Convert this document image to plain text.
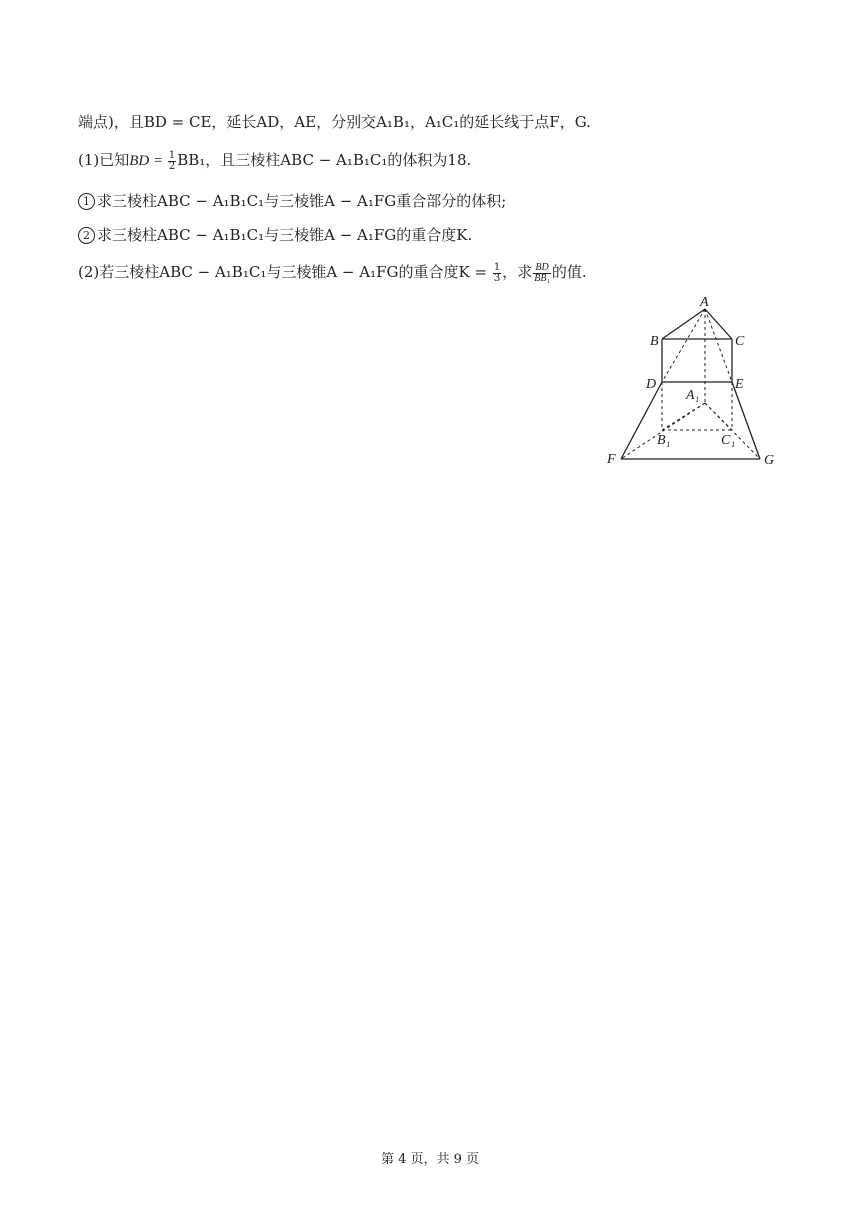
端点)，且BD = CE，延长AD，AE，分别交A₁B₁，A₁C₁的延长线于点F，G.
(1)已知BD = $\frac{1}{2} BB_1$，且三棱柱ABC − A₁B₁C₁的体积为18.
1 求三棱柱ABC − A₁B₁C₁与三棱锥A − A₁FG重合部分的体积;
2 求三棱柱ABC − A₁B₁C₁与三棱锥A − A₁FG的重合度K.
(2)若三棱柱ABC − A₁B₁C₁与三棱锥A − A₁FG的重合度$K = \frac{1}{3}$ ，求 $\frac{BD}{\text{BB₁}}$ 的值.
A
B	C
D	E
A₁
B₁	C₁
F	G
第 4 页，共 9 页
